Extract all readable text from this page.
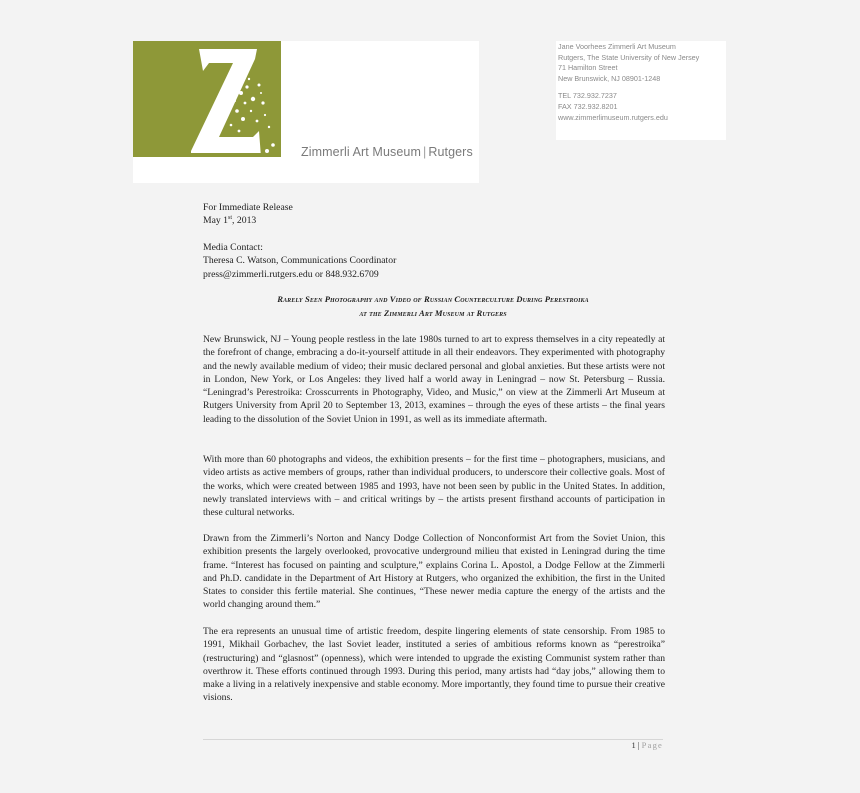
Zimmerli Art Museum | Rutgers
Jane Voorhees Zimmerli Art Museum
Rutgers, The State University of New Jersey
71 Hamilton Street
New Brunswick, NJ 08901-1248
TEL 732.932.7237
FAX 732.932.8201
www.zimmerlimuseum.rutgers.edu
For Immediate Release
May 1st, 2013
Media Contact:
Theresa C. Watson, Communications Coordinator
press@zimmerli.rutgers.edu or 848.932.6709
Rarely Seen Photography and Video of Russian Counterculture During Perestroika
at the Zimmerli Art Museum at Rutgers
New Brunswick, NJ – Young people restless in the late 1980s turned to art to express themselves in a city repeatedly at the forefront of change, embracing a do-it-yourself attitude in all their endeavors. They experimented with photography and the newly available medium of video; their music declared personal and global anxieties. But these artists were not in London, New York, or Los Angeles: they lived half a world away in Leningrad – now St. Petersburg – Russia. “Leningrad’s Perestroika: Crosscurrents in Photography, Video, and Music,” on view at the Zimmerli Art Museum at Rutgers University from April 20 to September 13, 2013, examines – through the eyes of these artists – the final years leading to the dissolution of the Soviet Union in 1991, as well as its immediate aftermath.
With more than 60 photographs and videos, the exhibition presents – for the first time – photographers, musicians, and video artists as active members of groups, rather than individual producers, to underscore their collective goals. Most of the works, which were created between 1985 and 1993, have not been seen by public in the United States. In addition, newly translated interviews with – and critical writings by – the artists present firsthand accounts of participation in these cultural networks.
Drawn from the Zimmerli’s Norton and Nancy Dodge Collection of Nonconformist Art from the Soviet Union, this exhibition presents the largely overlooked, provocative underground milieu that existed in Leningrad during the time frame. “Interest has focused on painting and sculpture,” explains Corina L. Apostol, a Dodge Fellow at the Zimmerli and Ph.D. candidate in the Department of Art History at Rutgers, who organized the exhibition, the first in the United States to consider this fertile material. She continues, “These newer media capture the energy of the artists and the world changing around them.”
The era represents an unusual time of artistic freedom, despite lingering elements of state censorship. From 1985 to 1991, Mikhail Gorbachev, the last Soviet leader, instituted a series of ambitious reforms known as “perestroika” (restructuring) and “glasnost” (openness), which were intended to upgrade the existing Communist system rather than overthrow it. These efforts continued through 1993. During this period, many artists had “day jobs,” allowing them to make a living in a relatively inexpensive and stable economy. More importantly, they found time to pursue their creative visions.
1 | Page
